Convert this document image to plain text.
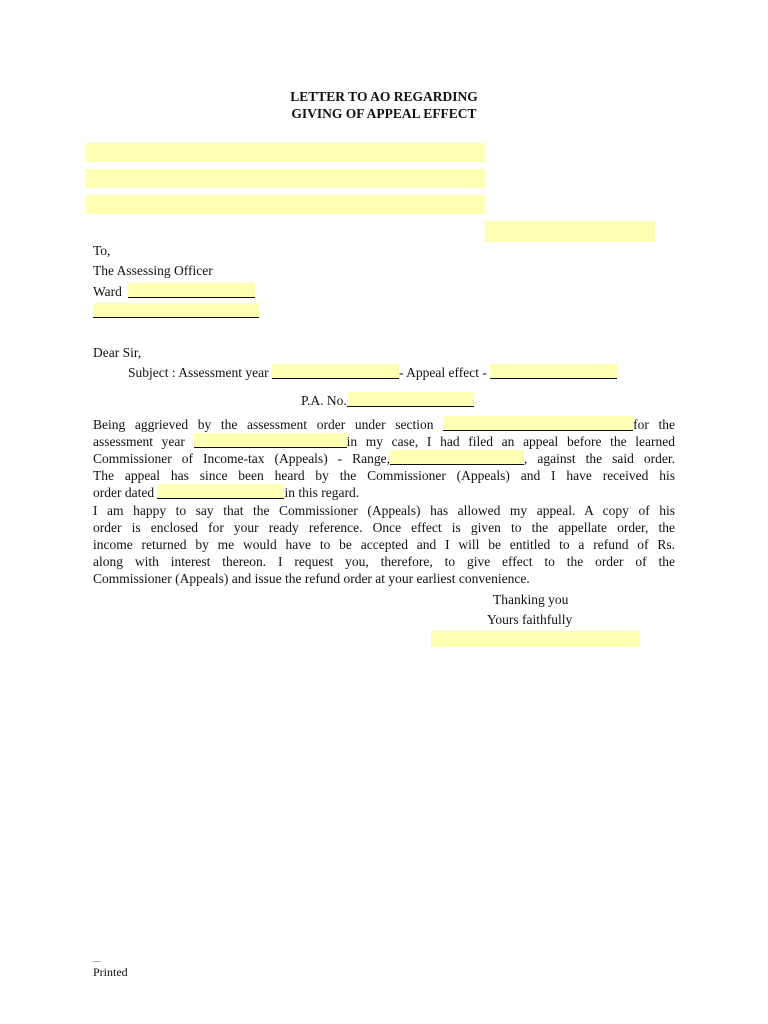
LETTER TO AO REGARDING
GIVING OF APPEAL EFFECT
To,
The Assessing Officer
Ward
Dear Sir,
Subject : Assessment year	- Appeal effect -
P.A. No.
Being aggrieved by the assessment order under section	for the
assessment year	in my case, I had filed an appeal before the learned
Commissioner of Income-tax (Appeals) - Range,	, against the said order.
The appeal has since been heard by the Commissioner (Appeals) and I have received his
order dated	in this regard.
I am happy to say that the Commissioner (Appeals) has allowed my appeal. A copy of his
order is enclosed for your ready reference. Once effect is given to the appellate order, the
income returned by me would have to be accepted and I will be entitled to a refund of Rs.
along with interest thereon. I request you, therefore, to give effect to the order of the
Commissioner (Appeals) and issue the refund order at your earliest convenience.
Thanking you
Yours faithfully
....
Printed
